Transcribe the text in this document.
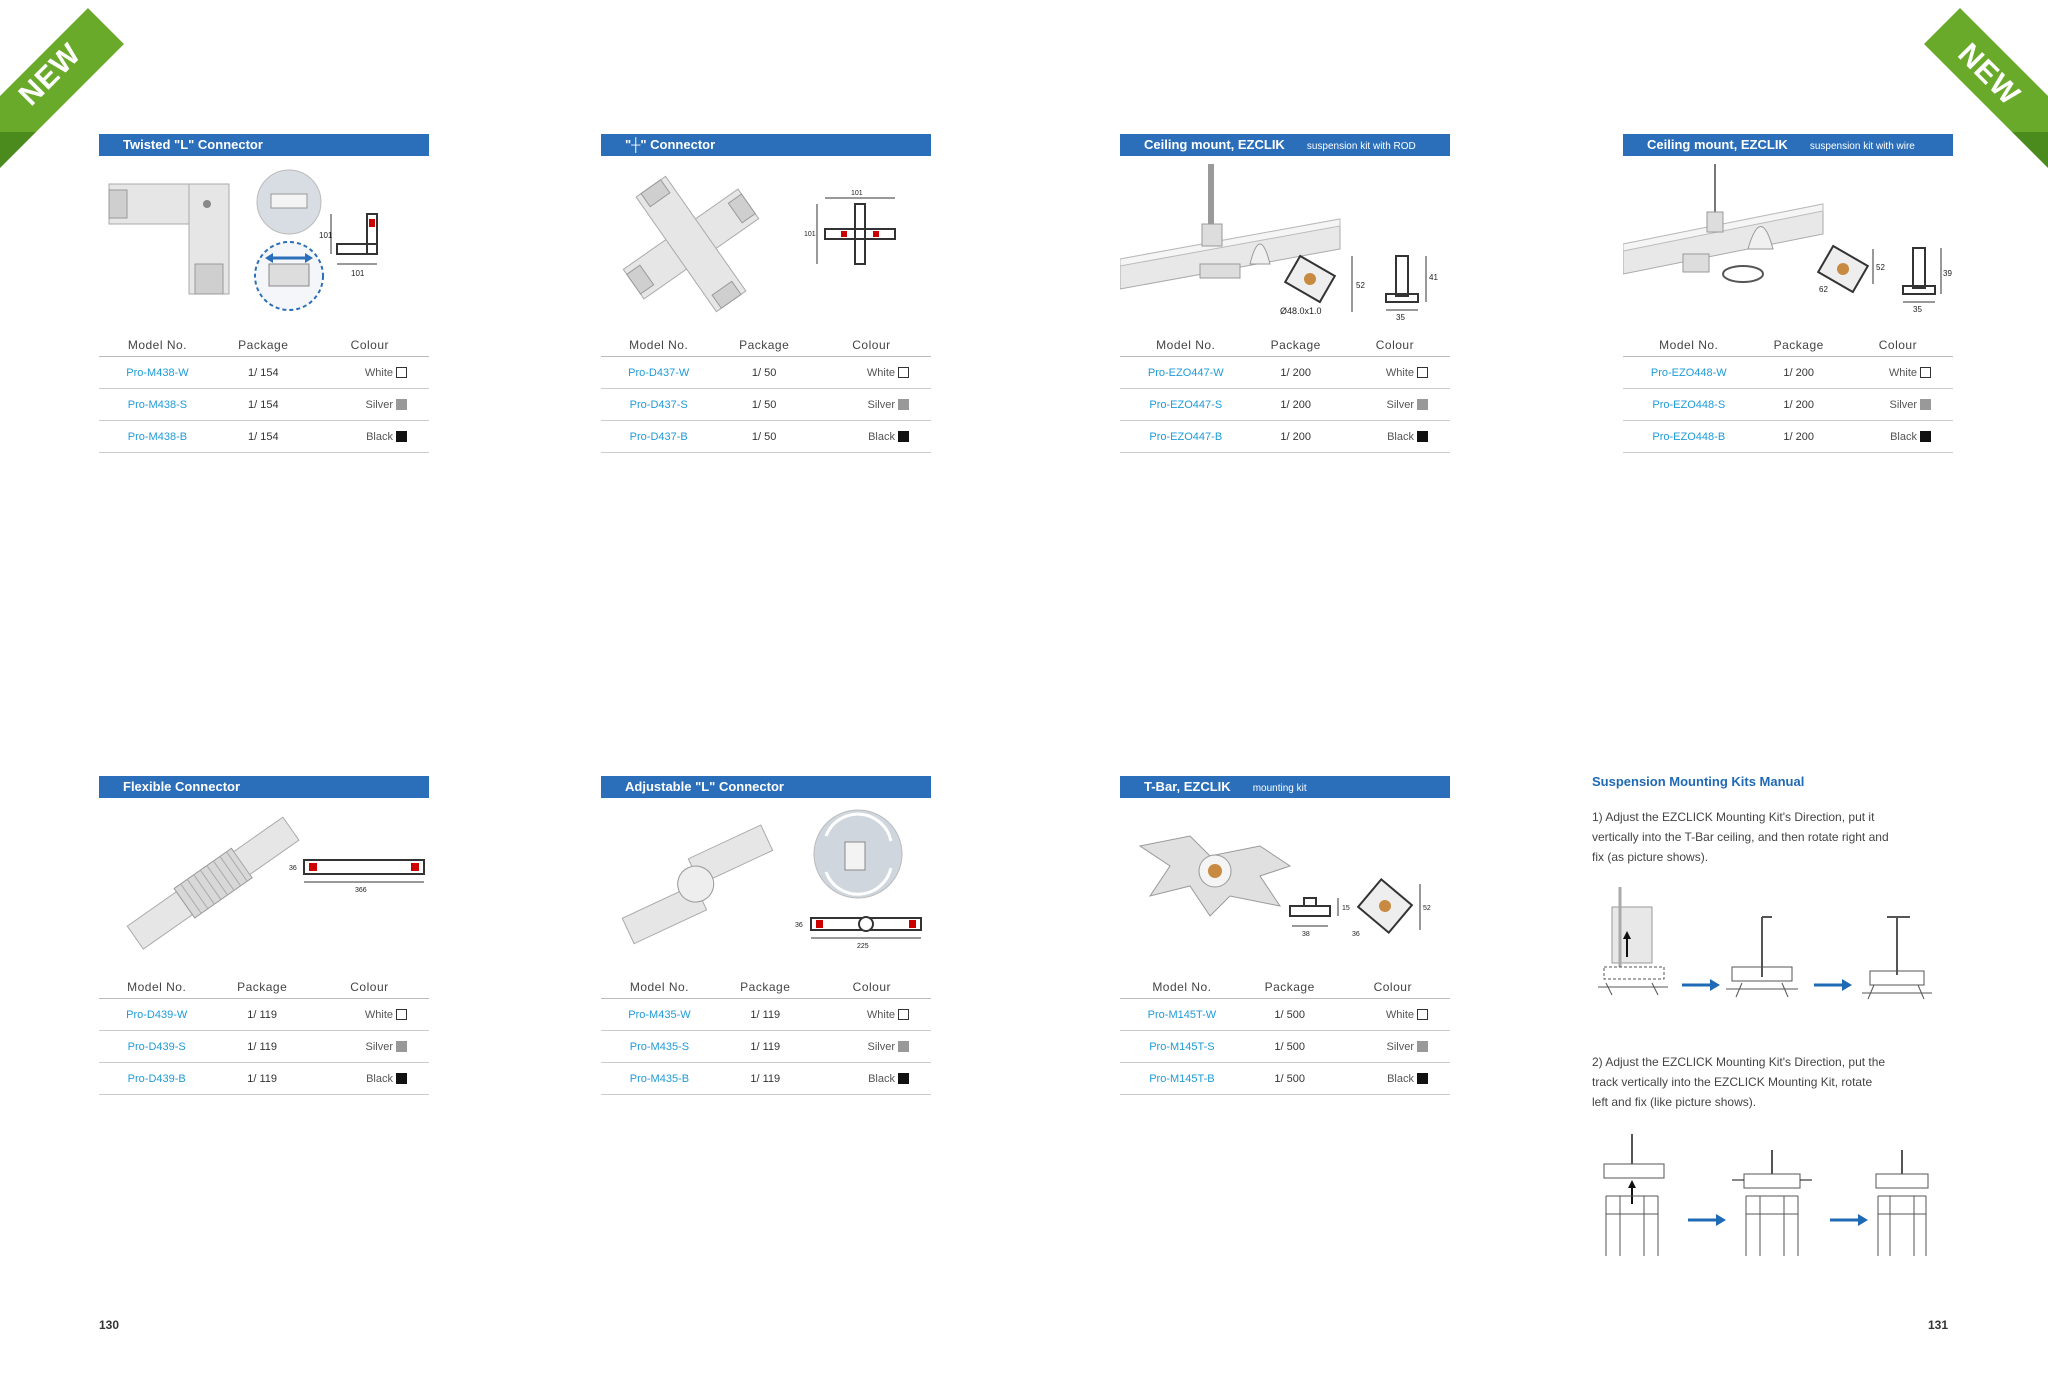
NEW	NEW
Twisted "L" Connector
101
101
Model No.	Package	Colour
Pro-M438-W	1/ 154	White
Pro-M438-S	1/ 154	Silver
Pro-M438-B	1/ 154	Black
"┼" Connector
101
101
Model No.	Package	Colour
Pro-D437-W	1/ 50	White
Pro-D437-S	1/ 50	Silver
Pro-D437-B	1/ 50	Black
Ceiling mount, EZCLIK suspension kit with ROD
52
Ø48.0x1.0
41
35
Model No.	Package	Colour
Pro-EZO447-W	1/ 200	White
Pro-EZO447-S	1/ 200	Silver
Pro-EZO447-B	1/ 200	Black
Ceiling mount, EZCLIK suspension kit with wire
52
62
39
35
Model No.	Package	Colour
Pro-EZO448-W	1/ 200	White
Pro-EZO448-S	1/ 200	Silver
Pro-EZO448-B	1/ 200	Black
Flexible Connector
36
366
Model No.	Package	Colour
Pro-D439-W	1/ 119	White
Pro-D439-S	1/ 119	Silver
Pro-D439-B	1/ 119	Black
Adjustable "L" Connector
36
225
Model No.	Package	Colour
Pro-M435-W	1/ 119	White
Pro-M435-S	1/ 119	Silver
Pro-M435-B	1/ 119	Black
T-Bar, EZCLIK mounting kit
38
15
36
52
Model No.	Package	Colour
Pro-M145T-W	1/ 500	White
Pro-M145T-S	1/ 500	Silver
Pro-M145T-B	1/ 500	Black
Suspension Mounting Kits Manual
1) Adjust the EZCLICK Mounting Kit's Direction, put it
vertically into the T-Bar ceiling, and then rotate right and
fix (as picture shows).
2) Adjust the EZCLICK Mounting Kit's Direction, put the
track vertically into the EZCLICK Mounting Kit, rotate
left and fix (like picture shows).
130	131
